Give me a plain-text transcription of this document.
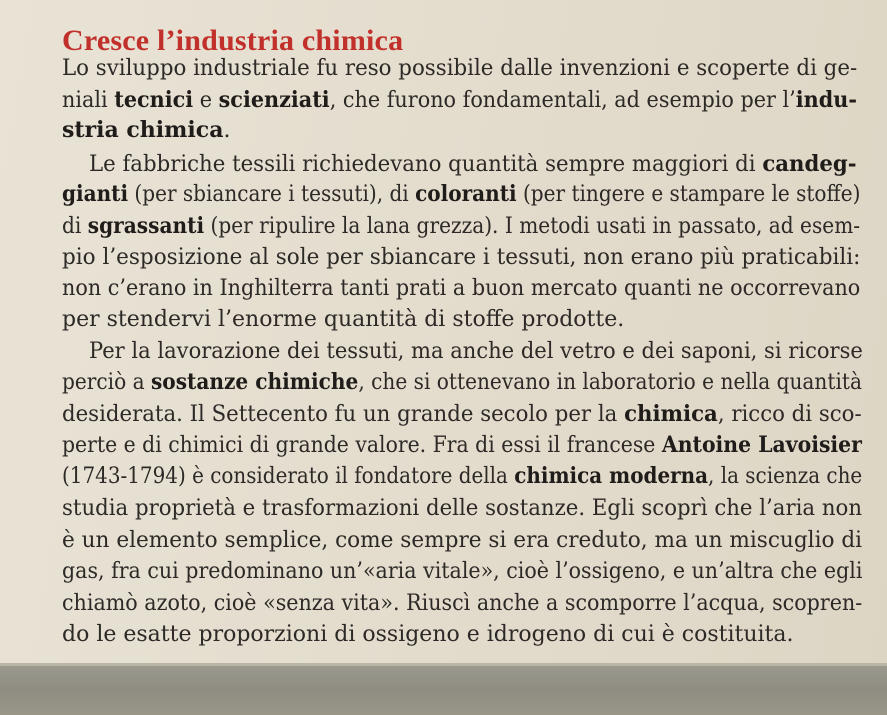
Cresce l’industria chimica
Lo sviluppo industriale fu reso possibile dalle invenzioni e scoperte di ge-
niali tecnici e scienziati, che furono fondamentali, ad esempio per l’indu-
stria chimica.
Le fabbriche tessili richiedevano quantità sempre maggiori di candeg-
gianti (per sbiancare i tessuti), di coloranti (per tingere e stampare le stoffe)
di sgrassanti (per ripulire la lana grezza). I metodi usati in passato, ad esem-
pio l’esposizione al sole per sbiancare i tessuti, non erano più praticabili:
non c’erano in Inghilterra tanti prati a buon mercato quanti ne occorrevano
per stendervi l’enorme quantità di stoffe prodotte.
Per la lavorazione dei tessuti, ma anche del vetro e dei saponi, si ricorse
perciò a sostanze chimiche, che si ottenevano in laboratorio e nella quantità
desiderata. Il Settecento fu un grande secolo per la chimica, ricco di sco-
perte e di chimici di grande valore. Fra di essi il francese Antoine Lavoisier
(1743-1794) è considerato il fondatore della chimica moderna, la scienza che
studia proprietà e trasformazioni delle sostanze. Egli scoprì che l’aria non
è un elemento semplice, come sempre si era creduto, ma un miscuglio di
gas, fra cui predominano un’«aria vitale», cioè l’ossigeno, e un’altra che egli
chiamò azoto, cioè «senza vita». Riuscì anche a scomporre l’acqua, scopren-
do le esatte proporzioni di ossigeno e idrogeno di cui è costituita.
